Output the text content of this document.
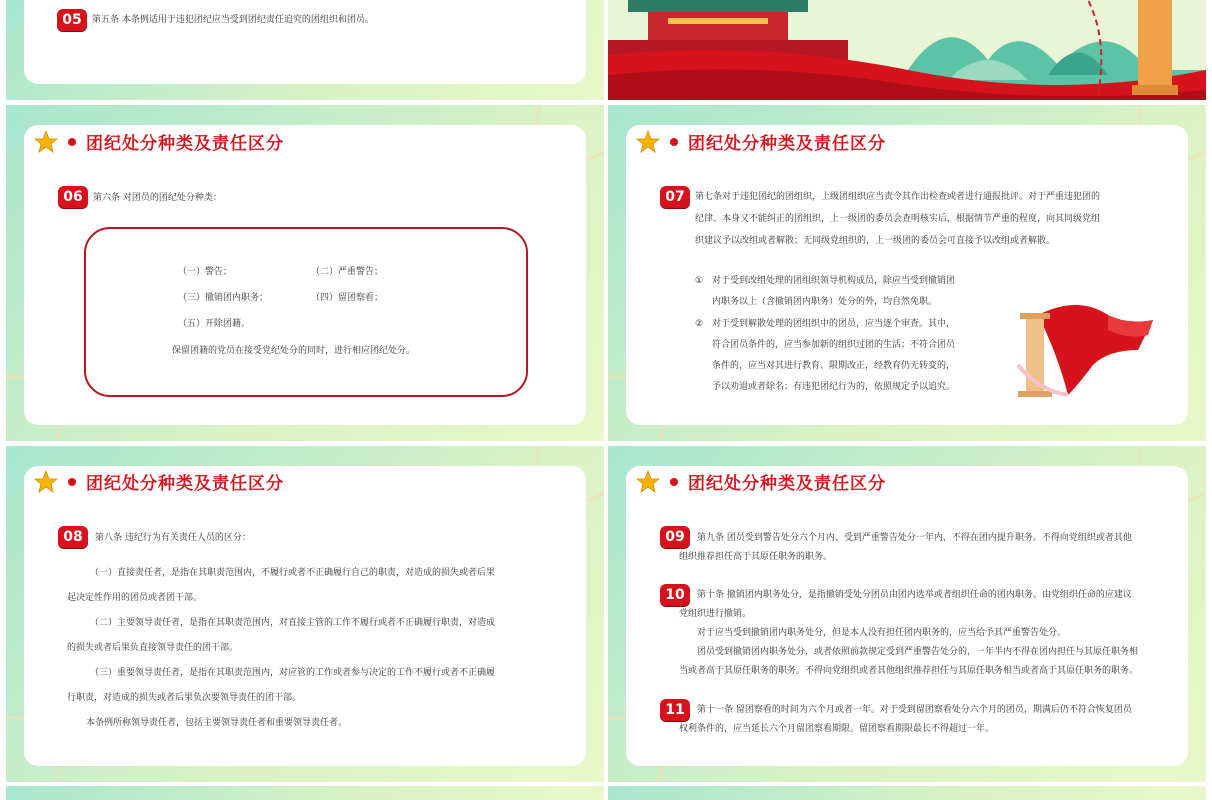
05	第五条 本条例适用于违犯团纪应当受到团纪责任追究的团组织和团员。
团纪处分种类及责任区分
06	第六条 对团员的团纪处分种类：
（一）警告；	（二）严重警告；
（三）撤销团内职务；	（四）留团察看；
（五）开除团籍。
保留团籍的党员在接受党纪处分的同时，进行相应团纪处分。
团纪处分种类及责任区分
07	第七条对于违犯团纪的团组织，上级团组织应当责令其作出检查或者进行通报批评。对于严重违犯团的
纪律、本身又不能纠正的团组织，上一级团的委员会查明核实后，根据情节严重的程度，向其同级党组
织建议予以改组或者解散；无同级党组织的，上一级团的委员会可直接予以改组或者解散。
① 对于受到改组处理的团组织领导机构成员，除应当受到撤销团
内职务以上（含撤销团内职务）处分的外，均自然免职。
② 对于受到解散处理的团组织中的团员，应当逐个审查。其中，
符合团员条件的，应当参加新的组织过团的生活；不符合团员
条件的，应当对其进行教育、限期改正，经教育仍无转变的，
予以劝退或者除名；有违犯团纪行为的，依照规定予以追究。
团纪处分种类及责任区分
08	第八条 违纪行为有关责任人员的区分：
（一）直接责任者，是指在其职责范围内，不履行或者不正确履行自己的职责，对造成的损失或者后果
起决定性作用的团员或者团干部。
（二）主要领导责任者，是指在其职责范围内，对直接主管的工作不履行或者不正确履行职责，对造成
的损失或者后果负直接领导责任的团干部。
（三）重要领导责任者，是指在其职责范围内，对应管的工作或者参与决定的工作不履行或者不正确履
行职责，对造成的损失或者后果负次要领导责任的团干部。
本条例所称领导责任者，包括主要领导责任者和重要领导责任者。
团纪处分种类及责任区分
09	第九条 团员受到警告处分六个月内、受到严重警告处分一年内，不得在团内提升职务。不得向党组织或者其他
组织推荐担任高于其原任职务的职务。
10	第十条 撤销团内职务处分，是指撤销受处分团员由团内选举或者组织任命的团内职务。由党组织任命的应建议
党组织进行撤销。
对于应当受到撤销团内职务处分，但是本人没有担任团内职务的，应当给予其严重警告处分。
团员受到撤销团内职务处分，或者依照前款规定受到严重警告处分的，一年半内不得在团内担任与其原任职务相
当或者高于其原任职务的职务。不得向党组织或者其他组织推荐担任与其原任职务相当或者高于其原任职务的职务。
11	第十一条 留团察看的时间为六个月或者一年。对于受到留团察看处分六个月的团员，期满后仍不符合恢复团员
权利条件的，应当延长六个月留团察看期限。留团察看期限最长不得超过一年。
